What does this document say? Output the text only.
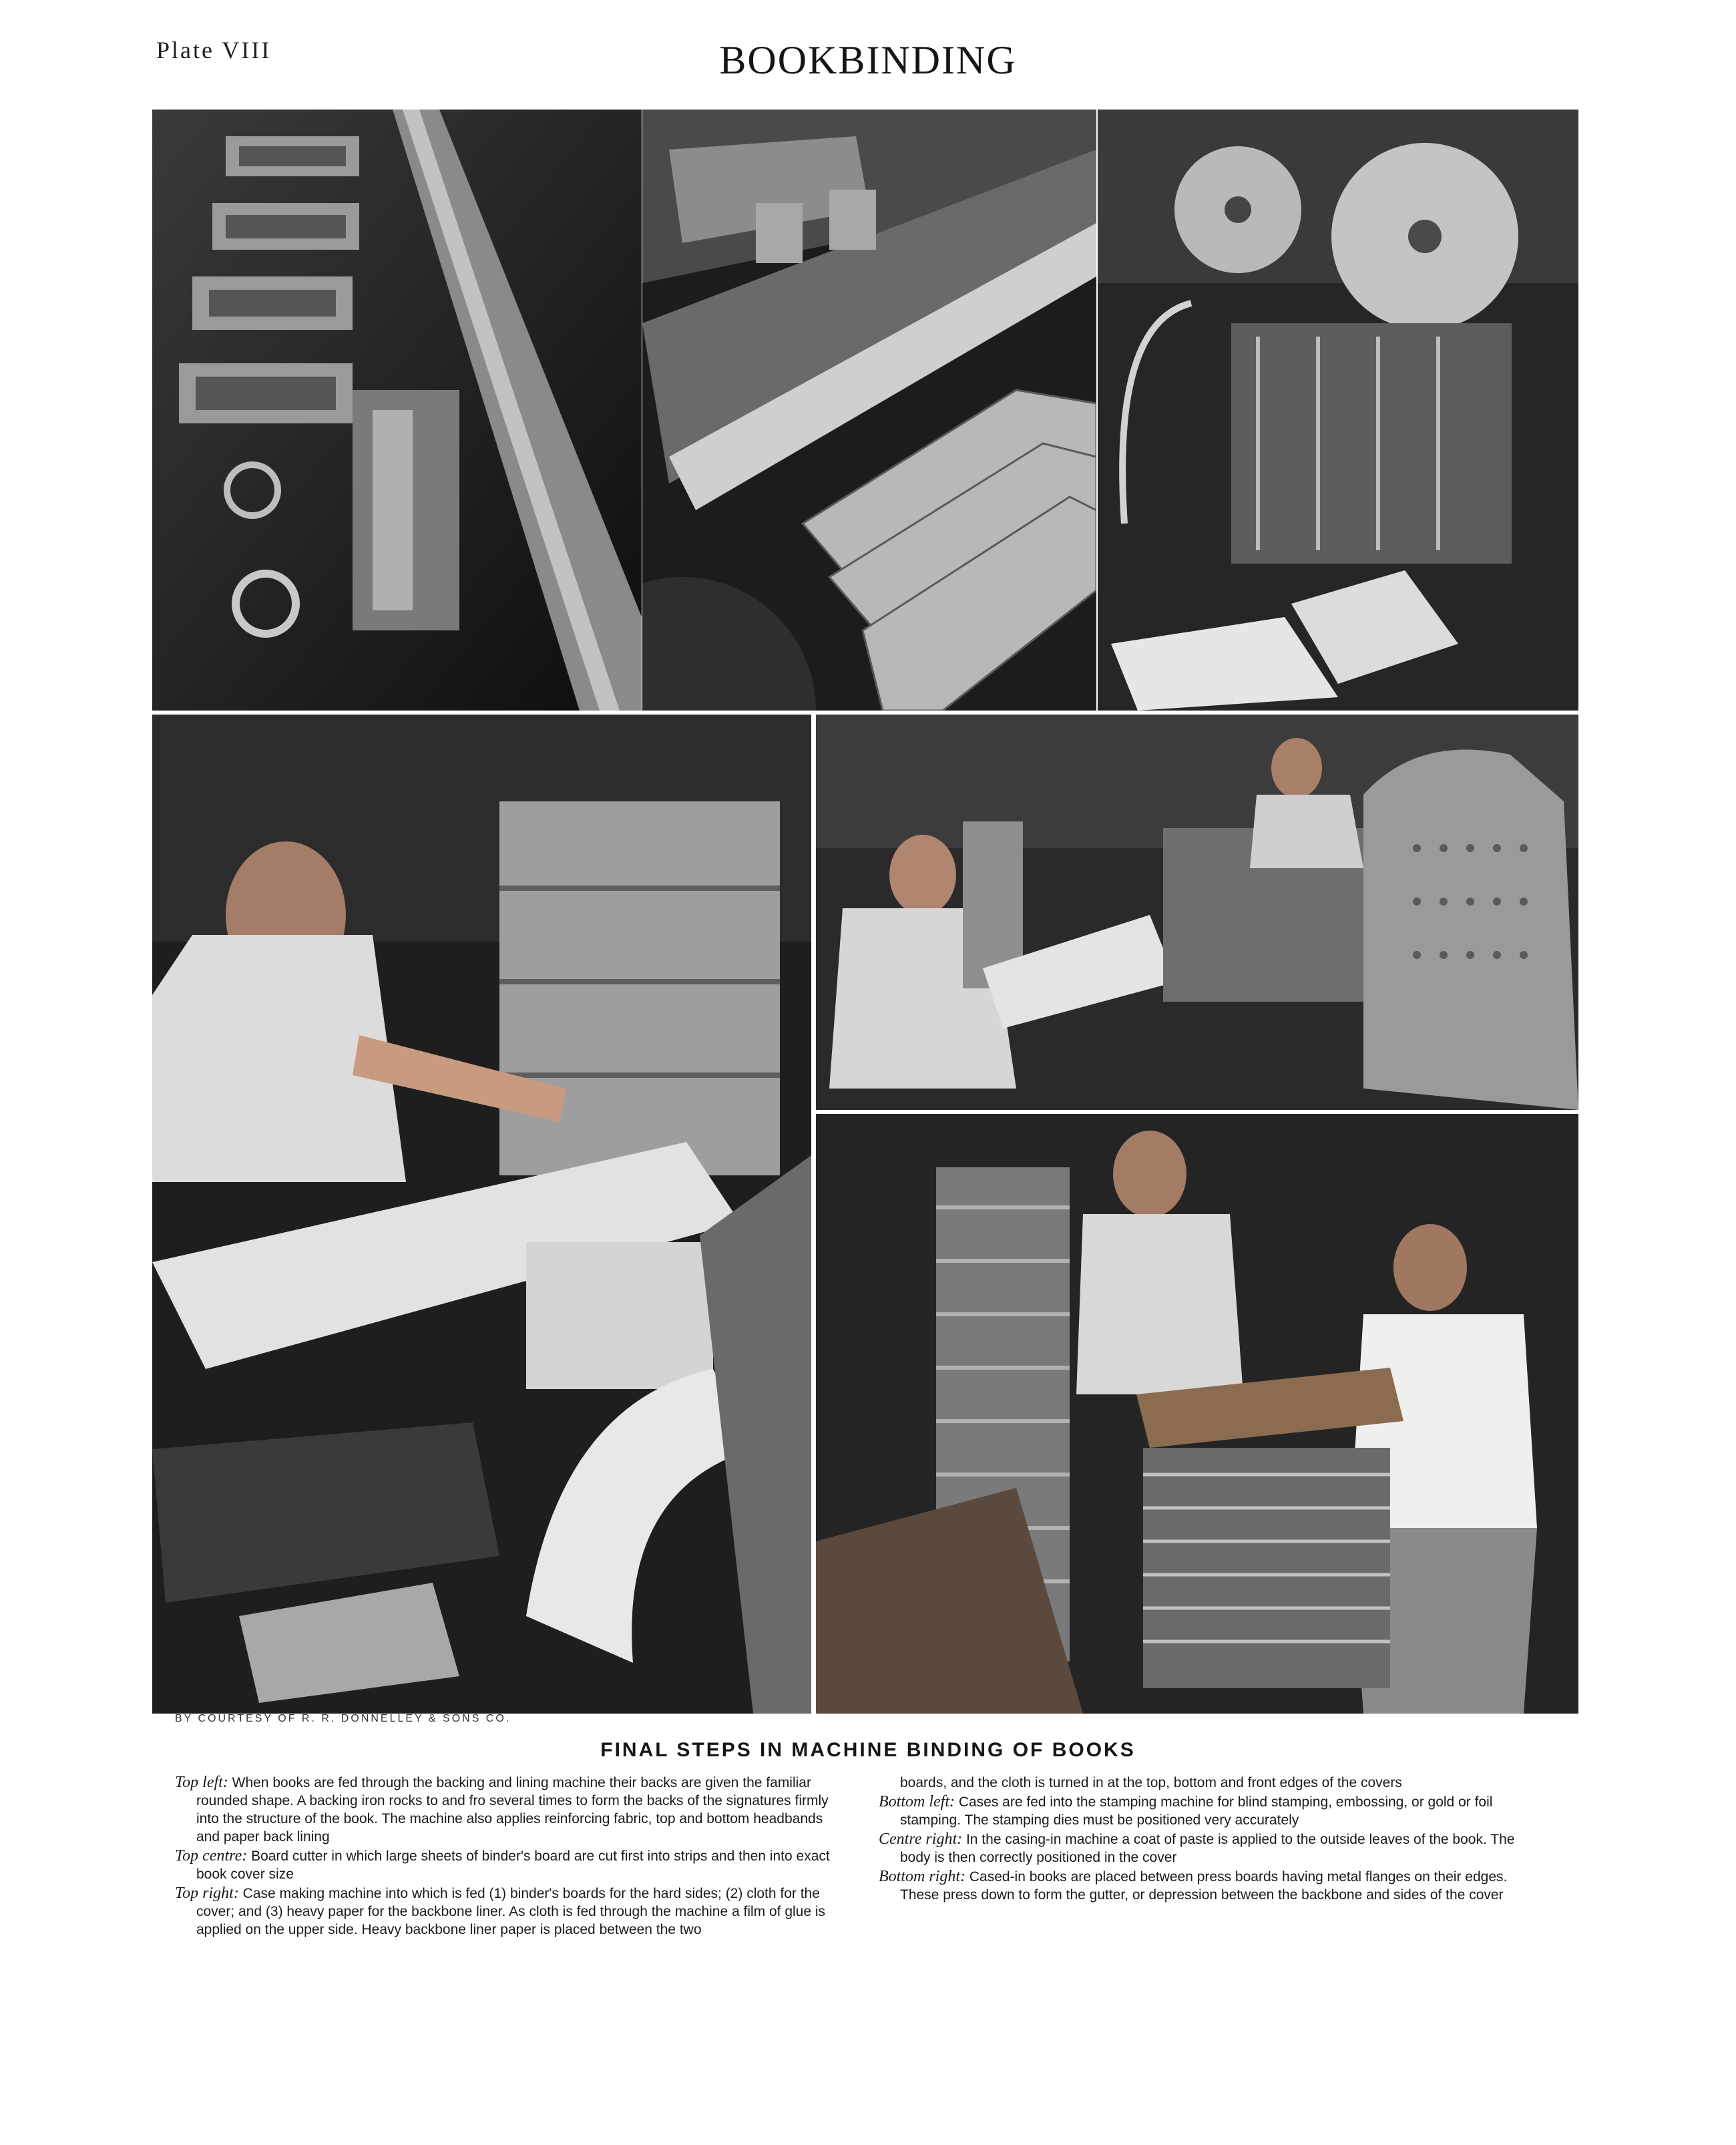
Plate VIII	BOOKBINDING
BY COURTESY OF R. R. DONNELLEY & SONS CO.
FINAL STEPS IN MACHINE BINDING OF BOOKS

Top left: When books are fed through the backing and lining machine their backs are given the familiar rounded shape. A backing iron rocks to and fro several times to form the backs of the signatures firmly into the structure of the book. The machine also applies reinforcing fabric, top and bottom headbands and paper back lining

Top centre: Board cutter in which large sheets of binder's board are cut first into strips and then into exact book cover size

Top right: Case making machine into which is fed (1) binder's boards for the hard sides; (2) cloth for the cover; and (3) heavy paper for the backbone liner. As cloth is fed through the machine a film of glue is applied on the upper side. Heavy backbone liner paper is placed between the two

boards, and the cloth is turned in at the top, bottom and front edges of the covers

Bottom left: Cases are fed into the stamping machine for blind stamping, embossing, or gold or foil stamping. The stamping dies must be positioned very accurately

Centre right: In the casing-in machine a coat of paste is applied to the outside leaves of the book. The body is then correctly positioned in the cover

Bottom right: Cased-in books are placed between press boards having metal flanges on their edges. These press down to form the gutter, or depression between the backbone and sides of the cover
